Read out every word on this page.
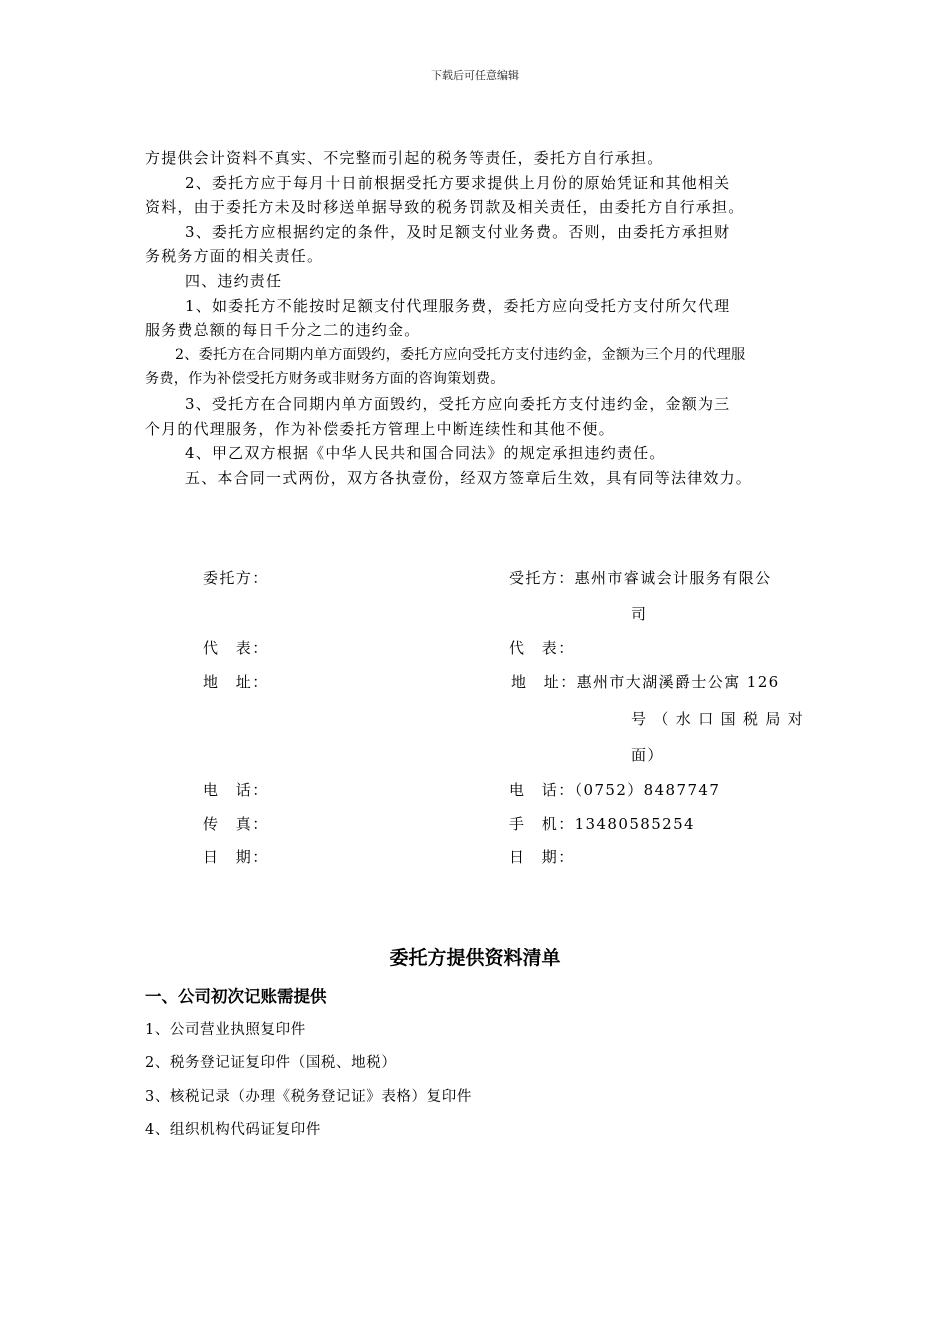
下载后可任意编辑
方提供会计资料不真实、不完整而引起的税务等责任，委托方自行承担。
2、委托方应于每月十日前根据受托方要求提供上月份的原始凭证和其他相关
资料，由于委托方未及时移送单据导致的税务罚款及相关责任，由委托方自行承担。
3、委托方应根据约定的条件，及时足额支付业务费。否则，由委托方承担财
务税务方面的相关责任。
四、违约责任
1、如委托方不能按时足额支付代理服务费，委托方应向受托方支付所欠代理
服务费总额的每日千分之二的违约金。
2、委托方在合同期内单方面毁约，委托方应向受托方支付违约金，金额为三个月的代理服
务费，作为补偿受托方财务或非财务方面的咨询策划费。
3、受托方在合同期内单方面毁约，受托方应向委托方支付违约金，金额为三
个月的代理服务，作为补偿委托方管理上中断连续性和其他不便。
4、甲乙双方根据《中华人民共和国合同法》的规定承担违约责任。
五、本合同一式两份，双方各执壹份，经双方签章后生效，具有同等法律效力。
委托方：
代　表：
地　址：
电　话：
传　真：
日　期：
受托方：惠州市睿诚会计服务有限公
司
代　表：
地　址：惠州市大湖溪爵士公寓 126
号（水口国税局对
面）
电　话：（0752）8487747
手　机：13480585254
日　期：
委托方提供资料清单
一、公司初次记账需提供
1、公司营业执照复印件
2、税务登记证复印件（国税、地税）
3、核税记录（办理《税务登记证》表格）复印件
4、组织机构代码证复印件
